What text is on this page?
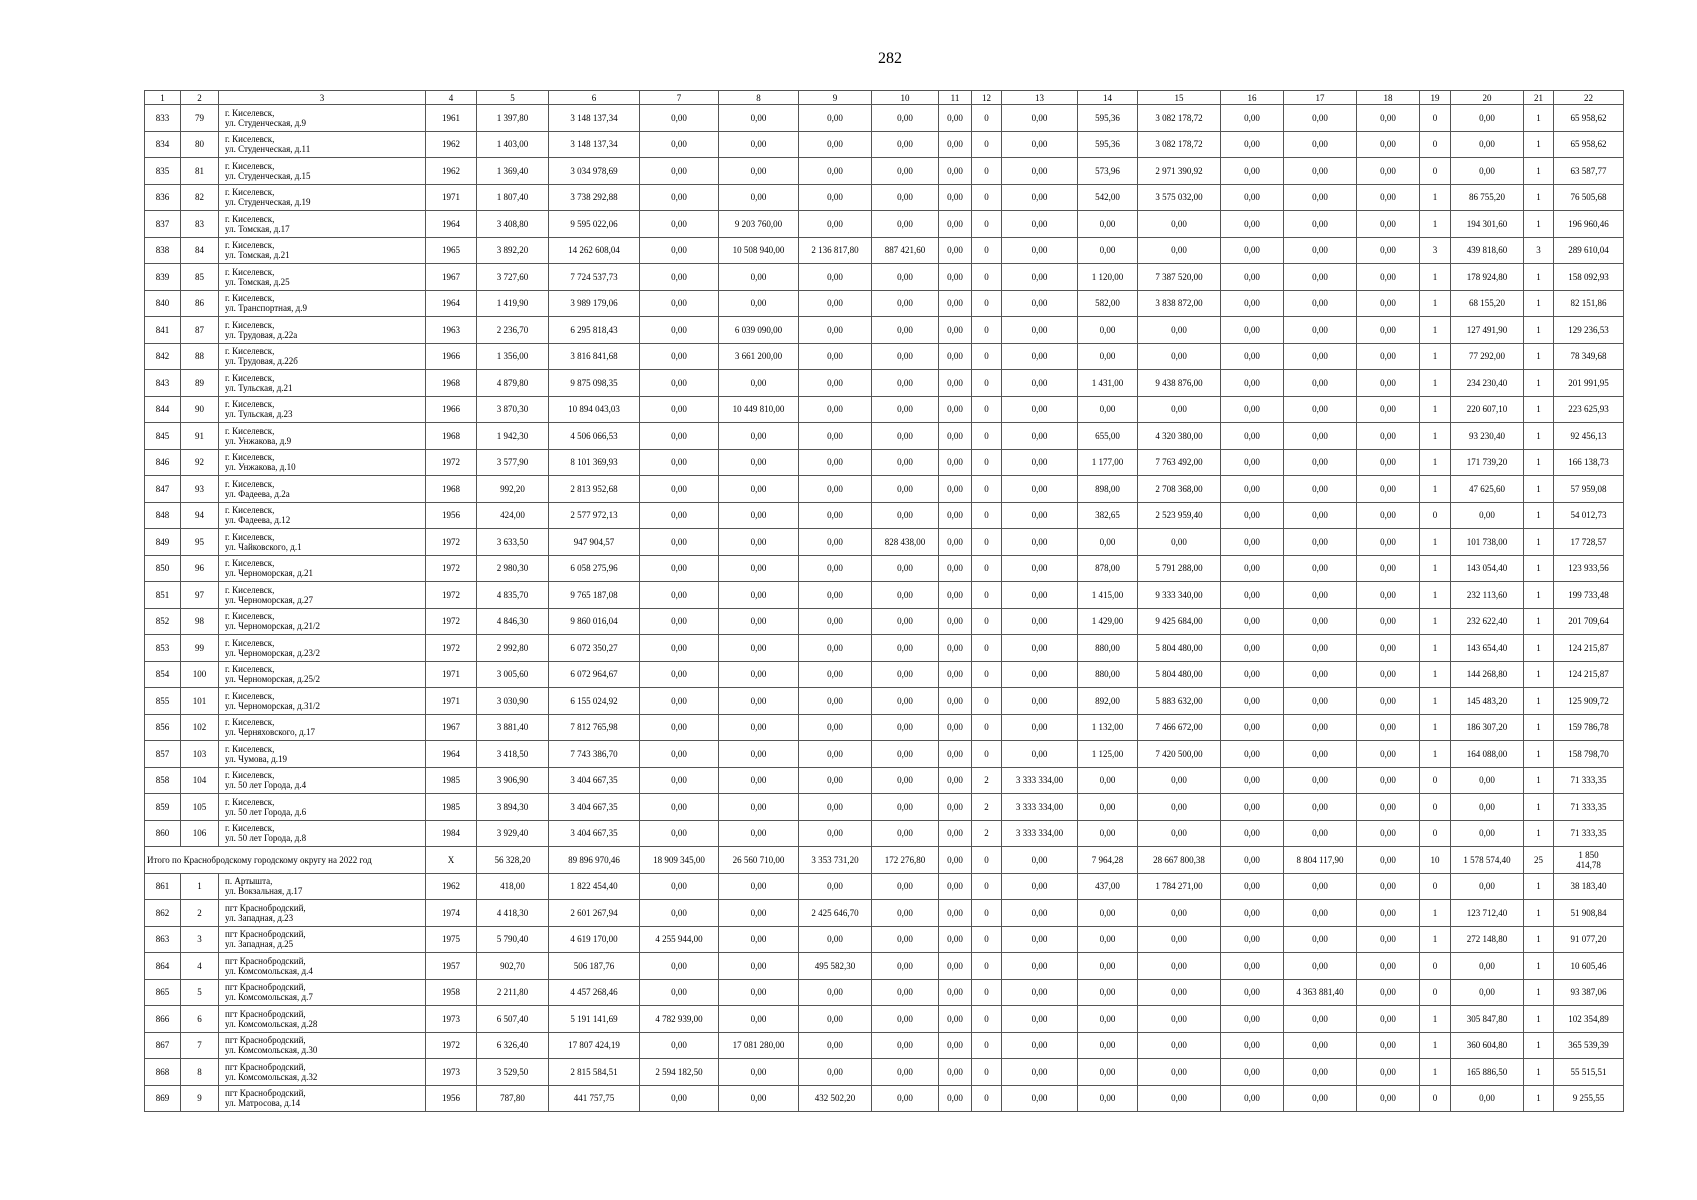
282
1	2	3	4	5	6	7	8	9	10	11	12	13	14	15	16	17	18	19	20	21	22
833	79	г. Киселевск,
ул. Студенческая, д.9	1961	1 397,80	3 148 137,34	0,00	0,00	0,00	0,00	0,00	0	0,00	595,36	3 082 178,72	0,00	0,00	0,00	0	0,00	1	65 958,62
834	80	г. Киселевск,
ул. Студенческая, д.11	1962	1 403,00	3 148 137,34	0,00	0,00	0,00	0,00	0,00	0	0,00	595,36	3 082 178,72	0,00	0,00	0,00	0	0,00	1	65 958,62
835	81	г. Киселевск,
ул. Студенческая, д.15	1962	1 369,40	3 034 978,69	0,00	0,00	0,00	0,00	0,00	0	0,00	573,96	2 971 390,92	0,00	0,00	0,00	0	0,00	1	63 587,77
836	82	г. Киселевск,
ул. Студенческая, д.19	1971	1 807,40	3 738 292,88	0,00	0,00	0,00	0,00	0,00	0	0,00	542,00	3 575 032,00	0,00	0,00	0,00	1	86 755,20	1	76 505,68
837	83	г. Киселевск,
ул. Томская, д.17	1964	3 408,80	9 595 022,06	0,00	9 203 760,00	0,00	0,00	0,00	0	0,00	0,00	0,00	0,00	0,00	0,00	1	194 301,60	1	196 960,46
838	84	г. Киселевск,
ул. Томская, д.21	1965	3 892,20	14 262 608,04	0,00	10 508 940,00	2 136 817,80	887 421,60	0,00	0	0,00	0,00	0,00	0,00	0,00	0,00	3	439 818,60	3	289 610,04
839	85	г. Киселевск,
ул. Томская, д.25	1967	3 727,60	7 724 537,73	0,00	0,00	0,00	0,00	0,00	0	0,00	1 120,00	7 387 520,00	0,00	0,00	0,00	1	178 924,80	1	158 092,93
840	86	г. Киселевск,
ул. Транспортная, д.9	1964	1 419,90	3 989 179,06	0,00	0,00	0,00	0,00	0,00	0	0,00	582,00	3 838 872,00	0,00	0,00	0,00	1	68 155,20	1	82 151,86
841	87	г. Киселевск,
ул. Трудовая, д.22а	1963	2 236,70	6 295 818,43	0,00	6 039 090,00	0,00	0,00	0,00	0	0,00	0,00	0,00	0,00	0,00	0,00	1	127 491,90	1	129 236,53
842	88	г. Киселевск,
ул. Трудовая, д.22б	1966	1 356,00	3 816 841,68	0,00	3 661 200,00	0,00	0,00	0,00	0	0,00	0,00	0,00	0,00	0,00	0,00	1	77 292,00	1	78 349,68
843	89	г. Киселевск,
ул. Тульская, д.21	1968	4 879,80	9 875 098,35	0,00	0,00	0,00	0,00	0,00	0	0,00	1 431,00	9 438 876,00	0,00	0,00	0,00	1	234 230,40	1	201 991,95
844	90	г. Киселевск,
ул. Тульская, д.23	1966	3 870,30	10 894 043,03	0,00	10 449 810,00	0,00	0,00	0,00	0	0,00	0,00	0,00	0,00	0,00	0,00	1	220 607,10	1	223 625,93
845	91	г. Киселевск,
ул. Унжакова, д.9	1968	1 942,30	4 506 066,53	0,00	0,00	0,00	0,00	0,00	0	0,00	655,00	4 320 380,00	0,00	0,00	0,00	1	93 230,40	1	92 456,13
846	92	г. Киселевск,
ул. Унжакова, д.10	1972	3 577,90	8 101 369,93	0,00	0,00	0,00	0,00	0,00	0	0,00	1 177,00	7 763 492,00	0,00	0,00	0,00	1	171 739,20	1	166 138,73
847	93	г. Киселевск,
ул. Фадеева, д.2а	1968	992,20	2 813 952,68	0,00	0,00	0,00	0,00	0,00	0	0,00	898,00	2 708 368,00	0,00	0,00	0,00	1	47 625,60	1	57 959,08
848	94	г. Киселевск,
ул. Фадеева, д.12	1956	424,00	2 577 972,13	0,00	0,00	0,00	0,00	0,00	0	0,00	382,65	2 523 959,40	0,00	0,00	0,00	0	0,00	1	54 012,73
849	95	г. Киселевск,
ул. Чайковского, д.1	1972	3 633,50	947 904,57	0,00	0,00	0,00	828 438,00	0,00	0	0,00	0,00	0,00	0,00	0,00	0,00	1	101 738,00	1	17 728,57
850	96	г. Киселевск,
ул. Черноморская, д.21	1972	2 980,30	6 058 275,96	0,00	0,00	0,00	0,00	0,00	0	0,00	878,00	5 791 288,00	0,00	0,00	0,00	1	143 054,40	1	123 933,56
851	97	г. Киселевск,
ул. Черноморская, д.27	1972	4 835,70	9 765 187,08	0,00	0,00	0,00	0,00	0,00	0	0,00	1 415,00	9 333 340,00	0,00	0,00	0,00	1	232 113,60	1	199 733,48
852	98	г. Киселевск,
ул. Черноморская, д.21/2	1972	4 846,30	9 860 016,04	0,00	0,00	0,00	0,00	0,00	0	0,00	1 429,00	9 425 684,00	0,00	0,00	0,00	1	232 622,40	1	201 709,64
853	99	г. Киселевск,
ул. Черноморская, д.23/2	1972	2 992,80	6 072 350,27	0,00	0,00	0,00	0,00	0,00	0	0,00	880,00	5 804 480,00	0,00	0,00	0,00	1	143 654,40	1	124 215,87
854	100	г. Киселевск,
ул. Черноморская, д.25/2	1971	3 005,60	6 072 964,67	0,00	0,00	0,00	0,00	0,00	0	0,00	880,00	5 804 480,00	0,00	0,00	0,00	1	144 268,80	1	124 215,87
855	101	г. Киселевск,
ул. Черноморская, д.31/2	1971	3 030,90	6 155 024,92	0,00	0,00	0,00	0,00	0,00	0	0,00	892,00	5 883 632,00	0,00	0,00	0,00	1	145 483,20	1	125 909,72
856	102	г. Киселевск,
ул. Черняховского, д.17	1967	3 881,40	7 812 765,98	0,00	0,00	0,00	0,00	0,00	0	0,00	1 132,00	7 466 672,00	0,00	0,00	0,00	1	186 307,20	1	159 786,78
857	103	г. Киселевск,
ул. Чумова, д.19	1964	3 418,50	7 743 386,70	0,00	0,00	0,00	0,00	0,00	0	0,00	1 125,00	7 420 500,00	0,00	0,00	0,00	1	164 088,00	1	158 798,70
858	104	г. Киселевск,
ул. 50 лет Города, д.4	1985	3 906,90	3 404 667,35	0,00	0,00	0,00	0,00	0,00	2	3 333 334,00	0,00	0,00	0,00	0,00	0,00	0	0,00	1	71 333,35
859	105	г. Киселевск,
ул. 50 лет Города, д.6	1985	3 894,30	3 404 667,35	0,00	0,00	0,00	0,00	0,00	2	3 333 334,00	0,00	0,00	0,00	0,00	0,00	0	0,00	1	71 333,35
860	106	г. Киселевск,
ул. 50 лет Города, д.8	1984	3 929,40	3 404 667,35	0,00	0,00	0,00	0,00	0,00	2	3 333 334,00	0,00	0,00	0,00	0,00	0,00	0	0,00	1	71 333,35
Итого по Краснобродскому городскому округу на 2022 год			X	56 328,20	89 896 970,46	18 909 345,00	26 560 710,00	3 353 731,20	172 276,80	0,00	0	0,00	7 964,28	28 667 800,38	0,00	8 804 117,90	0,00	10	1 578 574,40	25	1 850
414,78

861	1	п. Артышта,
ул. Вокзальная, д.17	1962	418,00	1 822 454,40	0,00	0,00	0,00	0,00	0,00	0	0,00	437,00	1 784 271,00	0,00	0,00	0,00	0	0,00	1	38 183,40
862	2	пгт Краснобродский,
ул. Западная, д.23	1974	4 418,30	2 601 267,94	0,00	0,00	2 425 646,70	0,00	0,00	0	0,00	0,00	0,00	0,00	0,00	0,00	1	123 712,40	1	51 908,84
863	3	пгт Краснобродский,
ул. Западная, д.25	1975	5 790,40	4 619 170,00	4 255 944,00	0,00	0,00	0,00	0,00	0	0,00	0,00	0,00	0,00	0,00	0,00	1	272 148,80	1	91 077,20
864	4	пгт Краснобродский,
ул. Комсомольская, д.4	1957	902,70	506 187,76	0,00	0,00	495 582,30	0,00	0,00	0	0,00	0,00	0,00	0,00	0,00	0,00	0	0,00	1	10 605,46
865	5	пгт Краснобродский,
ул. Комсомольская, д.7	1958	2 211,80	4 457 268,46	0,00	0,00	0,00	0,00	0,00	0	0,00	0,00	0,00	0,00	4 363 881,40	0,00	0	0,00	1	93 387,06
866	6	пгт Краснобродский,
ул. Комсомольская, д.28	1973	6 507,40	5 191 141,69	4 782 939,00	0,00	0,00	0,00	0,00	0	0,00	0,00	0,00	0,00	0,00	0,00	1	305 847,80	1	102 354,89
867	7	пгт Краснобродский,
ул. Комсомольская, д.30	1972	6 326,40	17 807 424,19	0,00	17 081 280,00	0,00	0,00	0,00	0	0,00	0,00	0,00	0,00	0,00	0,00	1	360 604,80	1	365 539,39
868	8	пгт Краснобродский,
ул. Комсомольская, д.32	1973	3 529,50	2 815 584,51	2 594 182,50	0,00	0,00	0,00	0,00	0	0,00	0,00	0,00	0,00	0,00	0,00	1	165 886,50	1	55 515,51
869	9	пгт Краснобродский,
ул. Матросова, д.14	1956	787,80	441 757,75	0,00	0,00	432 502,20	0,00	0,00	0	0,00	0,00	0,00	0,00	0,00	0,00	0	0,00	1	9 255,55
